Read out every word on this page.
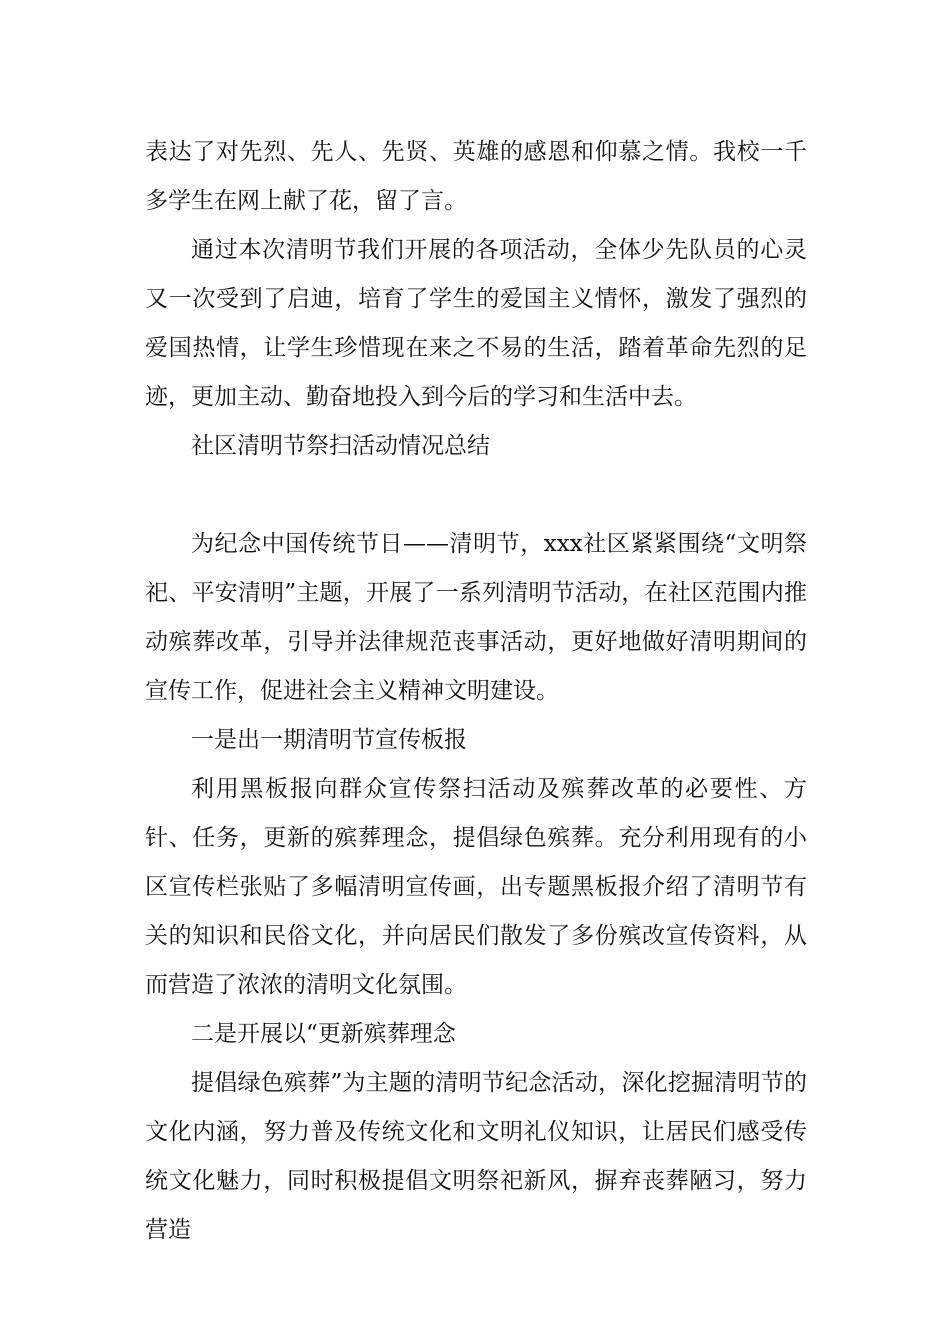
表达了对先烈、先人、先贤、英雄的感恩和仰慕之情。我校一千多学生在网上献了花，留了言。

通过本次清明节我们开展的各项活动，全体少先队员的心灵又一次受到了启迪，培育了学生的爱国主义情怀，激发了强烈的爱国热情，让学生珍惜现在来之不易的生活，踏着革命先烈的足迹，更加主动、勤奋地投入到今后的学习和生活中去。

社区清明节祭扫活动情况总结

为纪念中国传统节日——清明节，xxx社区紧紧围绕“文明祭祀、平安清明”主题，开展了一系列清明节活动，在社区范围内推动殡葬改革，引导并法律规范丧事活动，更好地做好清明期间的宣传工作，促进社会主义精神文明建设。

一是出一期清明节宣传板报

利用黑板报向群众宣传祭扫活动及殡葬改革的必要性、方针、任务，更新的殡葬理念，提倡绿色殡葬。充分利用现有的小区宣传栏张贴了多幅清明宣传画，出专题黑板报介绍了清明节有关的知识和民俗文化，并向居民们散发了多份殡改宣传资料，从而营造了浓浓的清明文化氛围。

二是开展以“更新殡葬理念

提倡绿色殡葬”为主题的清明节纪念活动，深化挖掘清明节的文化内涵，努力普及传统文化和文明礼仪知识，让居民们感受传统文化魅力，同时积极提倡文明祭祀新风，摒弃丧葬陋习，努力营造
